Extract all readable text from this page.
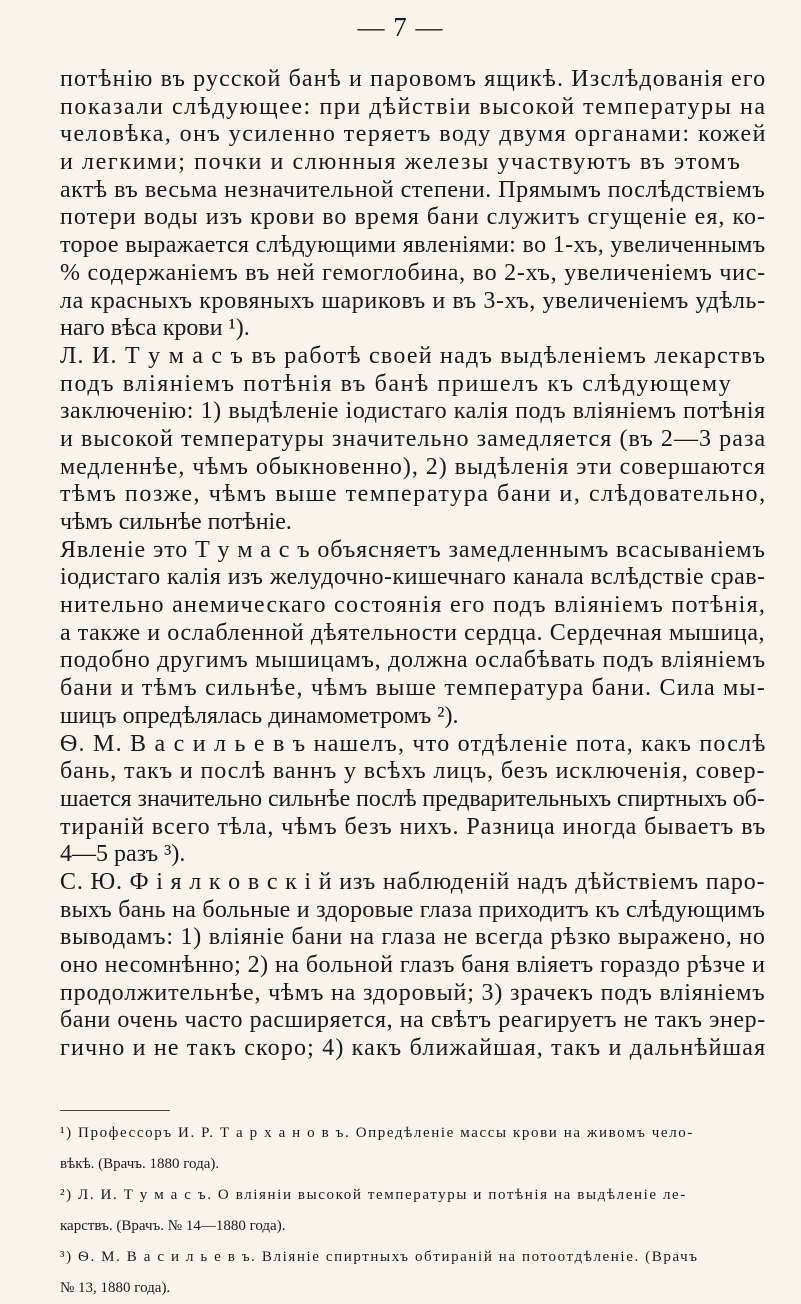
— 7 —
потѣнію въ русской банѣ и паровомъ ящикѣ. Изслѣдованія его
показали слѣдующее: при дѣйствіи высокой температуры на
человѣка, онъ усиленно теряетъ воду двумя органами: кожей
и легкими; почки и слюнныя железы участвуютъ въ этомъ
актѣ въ весьма незначительной степени. Прямымъ послѣдствіемъ
потери воды изъ крови во время бани служитъ сгущеніе ея, ко-
торое выражается слѣдующими явленіями: во 1-хъ, увеличеннымъ
% содержаніемъ въ ней гемоглобина, во 2-хъ, увеличеніемъ чис-
ла красныхъ кровяныхъ шариковъ и въ 3-хъ, увеличеніемъ удѣль-
наго вѣса крови ¹).
Л. И. Т у м а с ъ въ работѣ своей надъ выдѣленіемъ лекарствъ
подъ вліяніемъ потѣнія въ банѣ пришелъ къ слѣдующему
заключенію: 1) выдѣленіе іодистаго калія подъ вліяніемъ потѣнія
и высокой температуры значительно замедляется (въ 2—3 раза
медленнѣе, чѣмъ обыкновенно), 2) выдѣленія эти совершаются
тѣмъ позже, чѣмъ выше температура бани и, слѣдовательно,
чѣмъ сильнѣе потѣніе.
Явленіе это Т у м а с ъ объясняетъ замедленнымъ всасываніемъ
іодистаго калія изъ желудочно-кишечнаго канала вслѣдствіе срав-
нительно анемическаго состоянія его подъ вліяніемъ потѣнія,
а также и ослабленной дѣятельности сердца. Сердечная мышица,
подобно другимъ мышицамъ, должна ослабѣвать подъ вліяніемъ
бани и тѣмъ сильнѣе, чѣмъ выше температура бани. Сила мы-
шицъ опредѣлялась динамометромъ ²).
Ѳ. М. В а с и л ь е в ъ нашелъ, что отдѣленіе пота, какъ послѣ
бань, такъ и послѣ ваннъ у всѣхъ лицъ, безъ исключенія, совер-
шается значительно сильнѣе послѣ предварительныхъ спиртныхъ об-
тираній всего тѣла, чѣмъ безъ нихъ. Разница иногда бываетъ въ
4—5 разъ ³).
С. Ю. Ф і я л к о в с к і й изъ наблюденій надъ дѣйствіемъ паро-
выхъ бань на больные и здоровые глаза приходитъ къ слѣдующимъ
выводамъ: 1) вліяніе бани на глаза не всегда рѣзко выражено, но
оно несомнѣнно; 2) на больной глазъ баня вліяетъ гораздо рѣзче и
продолжительнѣе, чѣмъ на здоровый; 3) зрачекъ подъ вліяніемъ
бани очень часто расширяется, на свѣтъ реагируетъ не такъ энер-
гично и не такъ скоро; 4) какъ ближайшая, такъ и дальнѣйшая
¹) Профессоръ И. Р. Т а р х а н о в ъ. Опредѣленіе массы крови на живомъ чело-
вѣкѣ. (Врачъ. 1880 года).
²) Л. И. Т у м а с ъ. О вліяніи высокой температуры и потѣнія на выдѣленіе ле-
карствъ. (Врачъ. № 14—1880 года).
³) Ѳ. М. В а с и л ь е в ъ. Вліяніе спиртныхъ обтираній на потоотдѣленіе. (Врачъ
№ 13, 1880 года).
